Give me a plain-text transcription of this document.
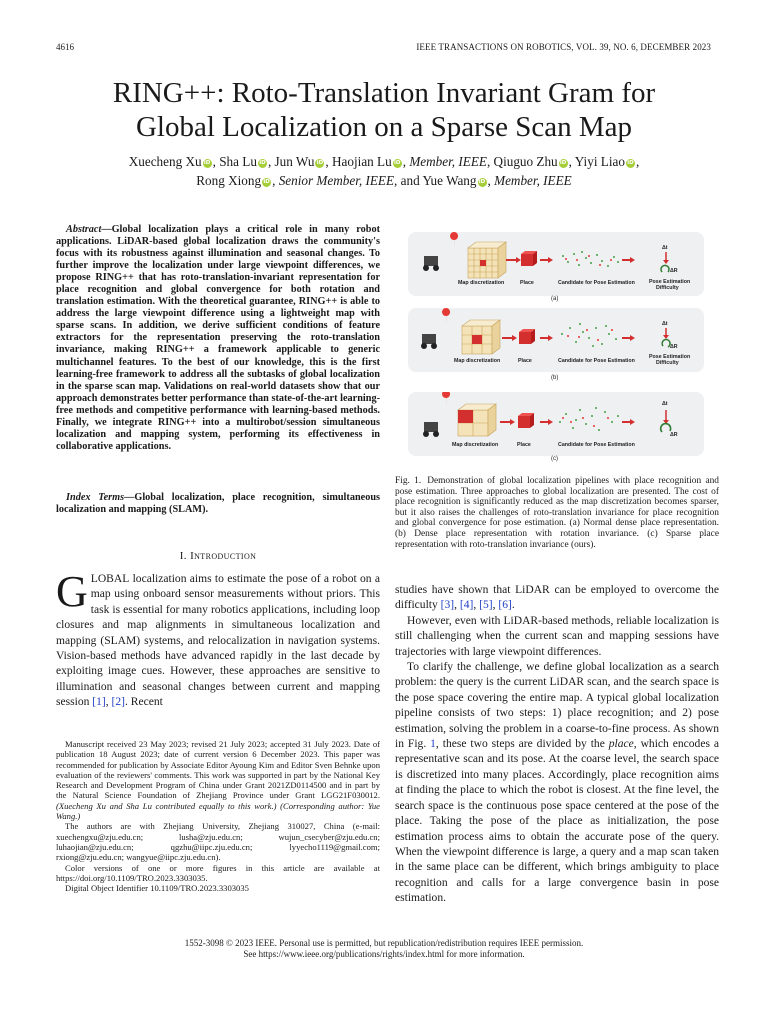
4616	IEEE TRANSACTIONS ON ROBOTICS, VOL. 39, NO. 6, DECEMBER 2023
RING++: Roto-Translation Invariant Gram for
Global Localization on a Sparse Scan Map
Xuecheng Xu iD , Sha Lu iD , Jun Wu iD , Haojian Lu iD , Member, IEEE, Qiuguo Zhu iD , Yiyi Liao iD ,
Rong Xiong iD , Senior Member, IEEE, and Yue Wang iD , Member, IEEE
Abstract—Global localization plays a critical role in many robot applications. LiDAR-based global localization draws the community's focus with its robustness against illumination and seasonal changes. To further improve the localization under large viewpoint differences, we propose RING++ that has roto-translation-invariant representation for place recognition and global convergence for both rotation and translation estimation. With the theoretical guarantee, RING++ is able to address the large viewpoint difference using a lightweight map with sparse scans. In addition, we derive sufficient conditions of feature extractors for the representation preserving the roto-translation invariance, making RING++ a framework applicable to generic multichannel features. To the best of our knowledge, this is the first learning-free framework to address all the subtasks of global localization in the sparse scan map. Validations on real-world datasets show that our approach demonstrates better performance than state-of-the-art learning-free methods and competitive performance with learning-based methods. Finally, we integrate RING++ into a multirobot/session simultaneous localization and mapping system, performing its effectiveness in collaborative applications.
Index Terms—Global localization, place recognition, simultaneous localization and mapping (SLAM).
I. Introduction
GLOBAL localization aims to estimate the pose of a robot on a map using onboard sensor measurements without priors. This task is essential for many robotics applications, including loop closures and map alignments in simultaneous localization and mapping (SLAM) systems, and relocalization in navigation systems. Vision-based methods have advanced rapidly in the last decade by exploiting image cues. However, these approaches are sensitive to illumination and seasonal changes between current and mapping session [1], [2]. Recent

Manuscript received 23 May 2023; revised 21 July 2023; accepted 31 July 2023. Date of publication 18 August 2023; date of current version 6 December 2023. This paper was recommended for publication by Associate Editor Ayoung Kim and Editor Sven Behnke upon evaluation of the reviewers' comments. This work was supported in part by the National Key Research and Development Program of China under Grant 2021ZD0114500 and in part by the Natural Science Foundation of Zhejiang Province under Grant LGG21F030012. (Xuecheng Xu and Sha Lu contributed equally to this work.) (Corresponding author: Yue Wang.)

The authors are with Zhejiang University, Zhejiang 310027, China (e-mail: xuechengxu@zju.edu.cn; lusha@zju.edu.cn; wujun_csecyber@zju.edu.cn; luhaojian@zju.edu.cn; qgzhu@iipc.zju.edu.cn; lyyecho1119@gmail.com; rxiong@zju.edu.cn; wangyue@iipc.zju.edu.cn).

Color versions of one or more figures in this article are available at https://doi.org/10.1109/TRO.2023.3303035.

Digital Object Identifier 10.1109/TRO.2023.3303035

Map discretization	Place	Candidate for Pose Estimation	Pose Estimation
Difficulty
Δt
ΔR
(a)
Map discretization	Place	Candidate for Pose Estimation
Pose Estimation
Difficulty
Δt
ΔR
(b)
Map discretization	Place	Candidate for Pose Estimation
Δt
ΔR
(c)
Fig. 1. Demonstration of global localization pipelines with place recognition and pose estimation. Three approaches to global localization are presented. The cost of place recognition is significantly reduced as the map discretization becomes sparser, but it also raises the challenges of roto-translation invariance for place recognition and global convergence for pose estimation. (a) Normal dense place representation. (b) Dense place representation with rotation invariance. (c) Sparse place representation with roto-translation invariance (ours).

studies have shown that LiDAR can be employed to overcome the difficulty [3], [4], [5], [6].

However, even with LiDAR-based methods, reliable localization is still challenging when the current scan and mapping sessions have trajectories with large viewpoint differences.

To clarify the challenge, we define global localization as a search problem: the query is the current LiDAR scan, and the search space is the pose space covering the entire map. A typical global localization pipeline consists of two steps: 1) place recognition; and 2) pose estimation, solving the problem in a coarse-to-fine process. As shown in Fig. 1, these two steps are divided by the place, which encodes a representative scan and its pose. At the coarse level, the search space is discretized into many places. Accordingly, place recognition aims at finding the place to which the robot is closest. At the fine level, the search space is the continuous pose space centered at the pose of the place. Taking the pose of the place as initialization, the pose estimation process aims to obtain the accurate pose of the query. When the viewpoint difference is large, a query and a map scan taken in the same place can be different, which brings ambiguity to place recognition and calls for a large convergence basin in pose estimation.

1552-3098 © 2023 IEEE. Personal use is permitted, but republication/redistribution requires IEEE permission.
See https://www.ieee.org/publications/rights/index.html for more information.
